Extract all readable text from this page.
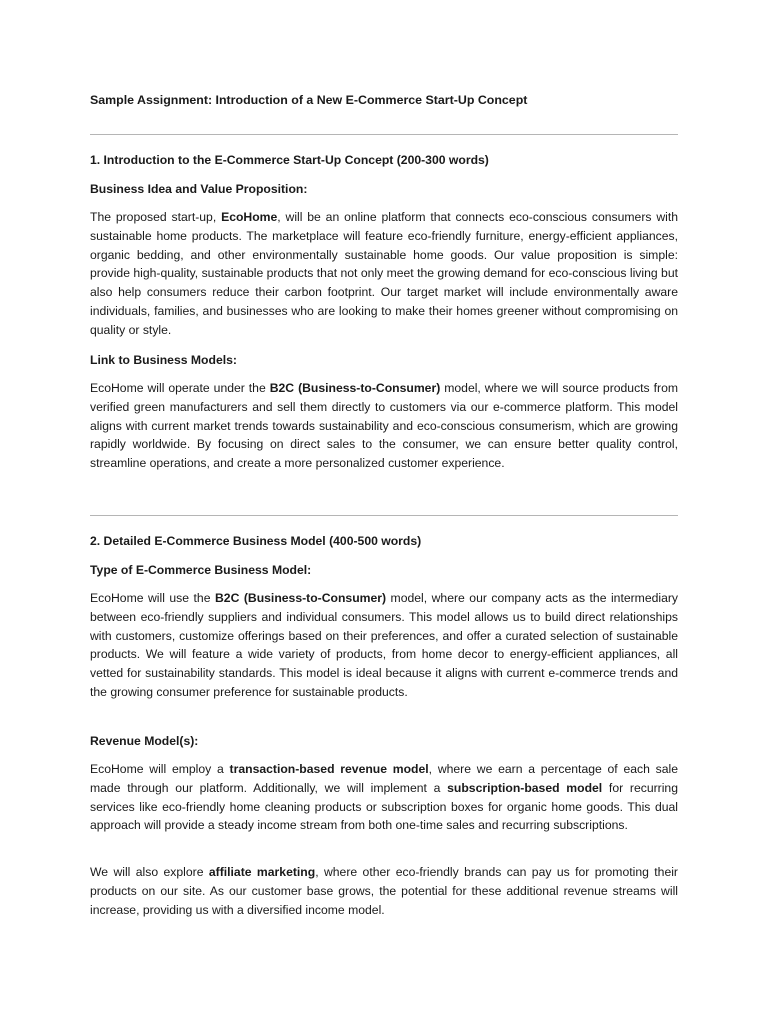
Sample Assignment: Introduction of a New E-Commerce Start-Up Concept
1. Introduction to the E-Commerce Start-Up Concept (200-300 words)
Business Idea and Value Proposition:

The proposed start-up, EcoHome, will be an online platform that connects eco-conscious consumers with sustainable home products. The marketplace will feature eco-friendly furniture, energy-efficient appliances, organic bedding, and other environmentally sustainable home goods. Our value proposition is simple: provide high-quality, sustainable products that not only meet the growing demand for eco-conscious living but also help consumers reduce their carbon footprint. Our target market will include environmentally aware individuals, families, and businesses who are looking to make their homes greener without compromising on quality or style.

Link to Business Models:

EcoHome will operate under the B2C (Business-to-Consumer) model, where we will source products from verified green manufacturers and sell them directly to customers via our e-commerce platform. This model aligns with current market trends towards sustainability and eco-conscious consumerism, which are growing rapidly worldwide. By focusing on direct sales to the consumer, we can ensure better quality control, streamline operations, and create a more personalized customer experience.

2. Detailed E-Commerce Business Model (400-500 words)
Type of E-Commerce Business Model:

EcoHome will use the B2C (Business-to-Consumer) model, where our company acts as the intermediary between eco-friendly suppliers and individual consumers. This model allows us to build direct relationships with customers, customize offerings based on their preferences, and offer a curated selection of sustainable products. We will feature a wide variety of products, from home decor to energy-efficient appliances, all vetted for sustainability standards. This model is ideal because it aligns with current e-commerce trends and the growing consumer preference for sustainable products.

Revenue Model(s):

EcoHome will employ a transaction-based revenue model, where we earn a percentage of each sale made through our platform. Additionally, we will implement a subscription-based model for recurring services like eco-friendly home cleaning products or subscription boxes for organic home goods. This dual approach will provide a steady income stream from both one-time sales and recurring subscriptions.

We will also explore affiliate marketing, where other eco-friendly brands can pay us for promoting their products on our site. As our customer base grows, the potential for these additional revenue streams will increase, providing us with a diversified income model.
